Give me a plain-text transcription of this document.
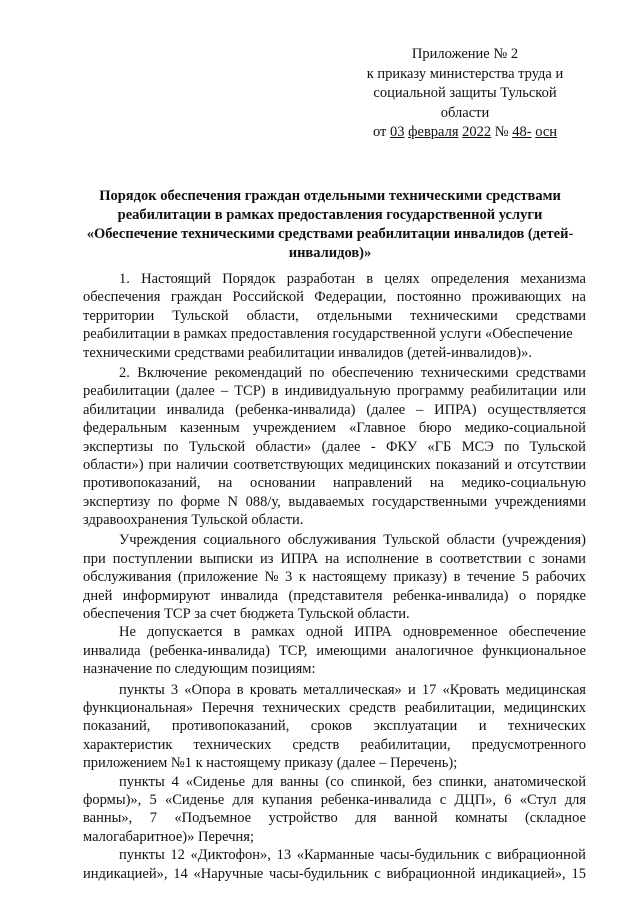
Приложение № 2
к приказу министерства труда и
социальной защиты Тульской
области
от 03 февраля 2022 № 48- осн
Порядок обеспечения граждан отдельными техническими средствами
реабилитации в рамках предоставления государственной услуги
«Обеспечение техническими средствами реабилитации инвалидов (детей-
инвалидов)»
1. Настоящий Порядок разработан в целях определения механизма
обеспечения граждан Российской Федерации, постоянно проживающих на
территории Тульской области, отдельными техническими средствами
реабилитации в рамках предоставления государственной услуги «Обеспечение
техническими средствами реабилитации инвалидов (детей-инвалидов)».
2. Включение рекомендаций по обеспечению техническими средствами
реабилитации (далее – ТСР) в индивидуальную программу реабилитации или
абилитации инвалида (ребенка-инвалида) (далее – ИПРА) осуществляется
федеральным казенным учреждением «Главное бюро медико-социальной
экспертизы по Тульской области» (далее - ФКУ «ГБ МСЭ по Тульской
области») при наличии соответствующих медицинских показаний и отсутствии
противопоказаний, на основании направлений на медико-социальную
экспертизу по форме N 088/у, выдаваемых государственными учреждениями
здравоохранения Тульской области.
Учреждения социального обслуживания Тульской области (учреждения)
при поступлении выписки из ИПРА на исполнение в соответствии с зонами
обслуживания (приложение № 3 к настоящему приказу) в течение 5 рабочих
дней информируют инвалида (представителя ребенка-инвалида) о порядке
обеспечения ТСР за счет бюджета Тульской области.
Не допускается в рамках одной ИПРА одновременное обеспечение
инвалида (ребенка-инвалида) ТСР, имеющими аналогичное функциональное
назначение по следующим позициям:
пункты 3 «Опора в кровать металлическая» и 17 «Кровать медицинская
функциональная» Перечня технических средств реабилитации, медицинских
показаний, противопоказаний, сроков эксплуатации и технических
характеристик технических средств реабилитации, предусмотренного
приложением №1 к настоящему приказу (далее – Перечень);
пункты 4 «Сиденье для ванны (со спинкой, без спинки, анатомической
формы)», 5 «Сиденье для купания ребенка-инвалида с ДЦП», 6 «Стул для
ванны», 7 «Подъемное устройство для ванной комнаты (складное
малогабаритное)» Перечня;
пункты 12 «Диктофон», 13 «Карманные часы-будильник с вибрационной
индикацией», 14 «Наручные часы-будильник с вибрационной индикацией», 15
